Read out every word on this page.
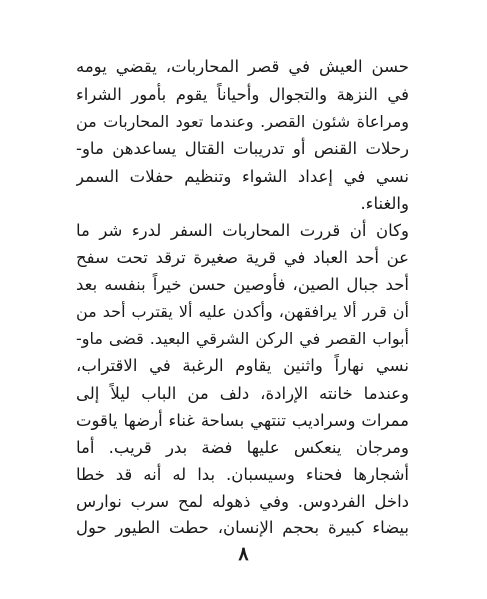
حسن العيش في قصر المحاربات، يقضي يومه
في النزهة والتجوال وأحياناً يقوم بأمور الشراء
ومراعاة شئون القصر. وعندما تعود المحاربات من
رحلات القنص أو تدريبات القتال يساعدهن ماو-
نسي في إعداد الشواء وتنظيم حفلات السمر
والغناء.
وكان أن قررت المحاربات السفر لدرء شر ما
عن أحد العباد في قرية صغيرة ترقد تحت سفح
أحد جبال الصين، فأوصين حسن خيراً بنفسه بعد
أن قرر ألا يرافقهن، وأكدن عليه ألا يقترب أحد من
أبواب القصر في الركن الشرقي البعيد. قضى ماو-
نسي نهاراً واثنين يقاوم الرغبة في الاقتراب،
وعندما خانته الإرادة، دلف من الباب ليلاً إلى
ممرات وسراديب تنتهي بساحة غناء أرضها ياقوت
ومرجان ينعكس عليها فضة بدر قريب. أما
أشجارها فحناء وسيسبان. بدا له أنه قد خطا
داخل الفردوس. وفي ذهوله لمح سرب نوارس
بيضاء كبيرة بحجم الإنسان، حطت الطيور حول
٨
